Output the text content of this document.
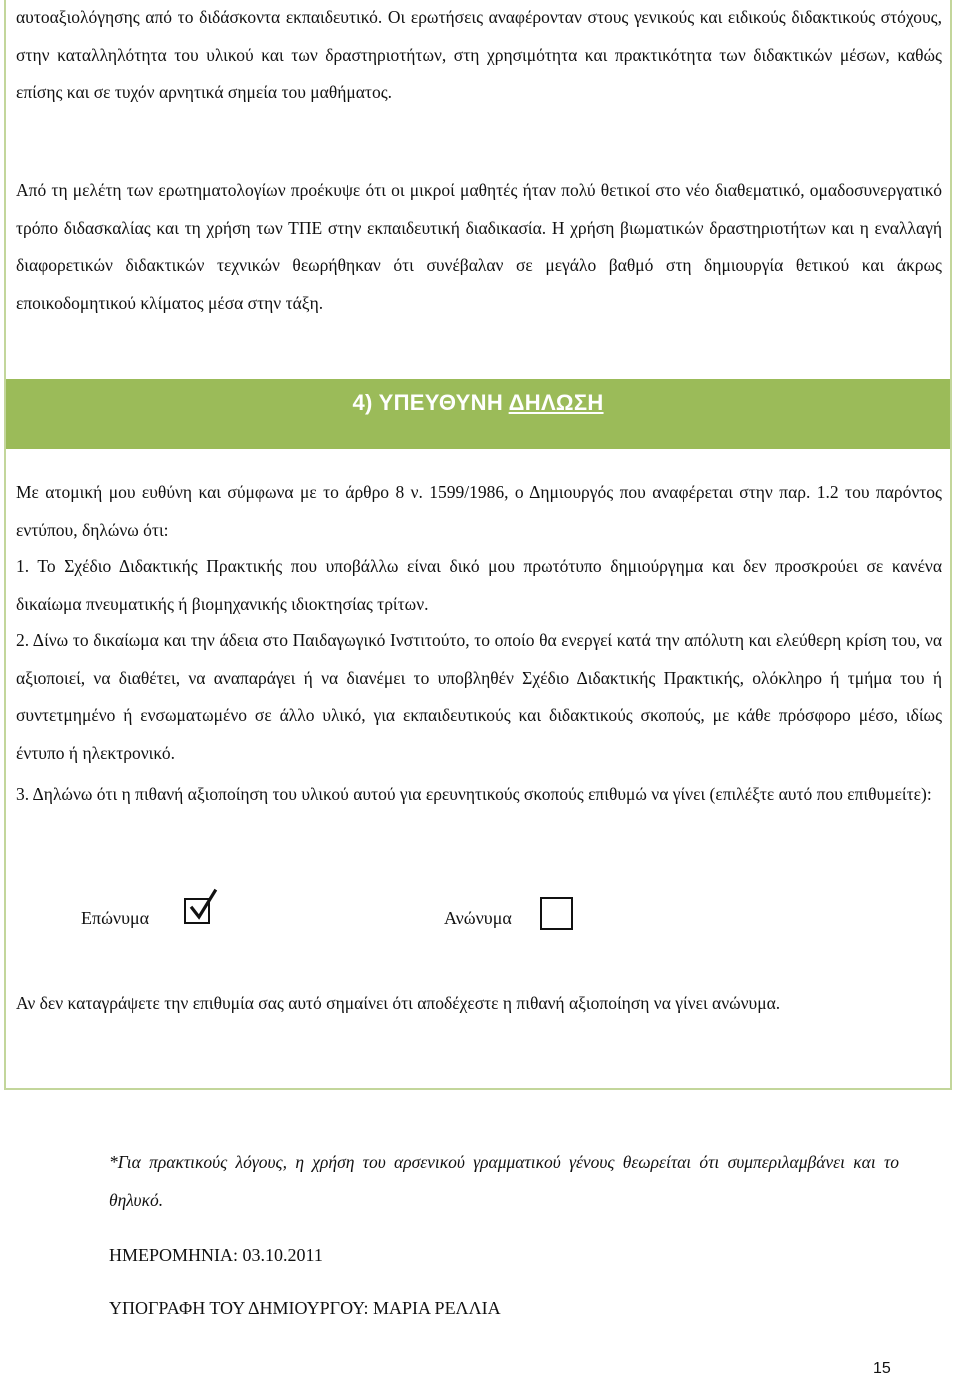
αυτοαξιολόγησης από το διδάσκοντα εκπαιδευτικό. Οι ερωτήσεις αναφέρονταν στους γενικούς και ειδικούς διδακτικούς στόχους, στην καταλληλότητα του υλικού και των δραστηριοτήτων, στη χρησιμότητα και πρακτικότητα των διδακτικών μέσων, καθώς επίσης και σε τυχόν αρνητικά σημεία του μαθήματος.
Από τη μελέτη των ερωτηματολογίων προέκυψε ότι οι μικροί μαθητές ήταν πολύ θετικοί στο νέο διαθεματικό, ομαδοσυνεργατικό τρόπο διδασκαλίας και τη χρήση των ΤΠΕ στην εκπαιδευτική διαδικασία. Η χρήση βιωματικών δραστηριοτήτων και η εναλλαγή διαφορετικών διδακτικών τεχνικών θεωρήθηκαν ότι συνέβαλαν σε μεγάλο βαθμό στη δημιουργία θετικού και άκρως εποικοδομητικού κλίματος μέσα στην τάξη.
4) ΥΠΕΥΘΥΝΗ ΔΗΛΩΣΗ
Με ατομική μου ευθύνη και σύμφωνα με το άρθρο 8 ν. 1599/1986, ο Δημιουργός που αναφέρεται στην παρ. 1.2 του παρόντος εντύπου, δηλώνω ότι:
1. Το Σχέδιο Διδακτικής Πρακτικής που υποβάλλω είναι δικό μου πρωτότυπο δημιούργημα και δεν προσκρούει σε κανένα δικαίωμα πνευματικής ή βιομηχανικής ιδιοκτησίας τρίτων.
2. Δίνω το δικαίωμα και την άδεια στο Παιδαγωγικό Ινστιτούτο, το οποίο θα ενεργεί κατά την απόλυτη και ελεύθερη κρίση του, να αξιοποιεί, να διαθέτει, να αναπαράγει ή να διανέμει το υποβληθέν Σχέδιο Διδακτικής Πρακτικής, ολόκληρο ή τμήμα του ή συντετμημένο ή ενσωματωμένο σε άλλο υλικό, για εκπαιδευτικούς και διδακτικούς σκοπούς, με κάθε πρόσφορο μέσο, ιδίως έντυπο ή ηλεκτρονικό.
3. Δηλώνω ότι η πιθανή αξιοποίηση του υλικού αυτού για ερευνητικούς σκοπούς επιθυμώ να γίνει (επιλέξτε αυτό που επιθυμείτε):
Επώνυμα	Ανώνυμα
Αν δεν καταγράψετε την επιθυμία σας αυτό σημαίνει ότι αποδέχεστε η πιθανή αξιοποίηση να γίνει ανώνυμα.
*Για πρακτικούς λόγους, η χρήση του αρσενικού γραμματικού γένους θεωρείται ότι συμπεριλαμβάνει και το θηλυκό.
ΗΜΕΡΟΜΗΝΙΑ: 03.10.2011
ΥΠΟΓΡΑΦΗ ΤΟΥ ΔΗΜΙΟΥΡΓΟΥ: ΜΑΡΙΑ ΡΕΛΛΙΑ
15
